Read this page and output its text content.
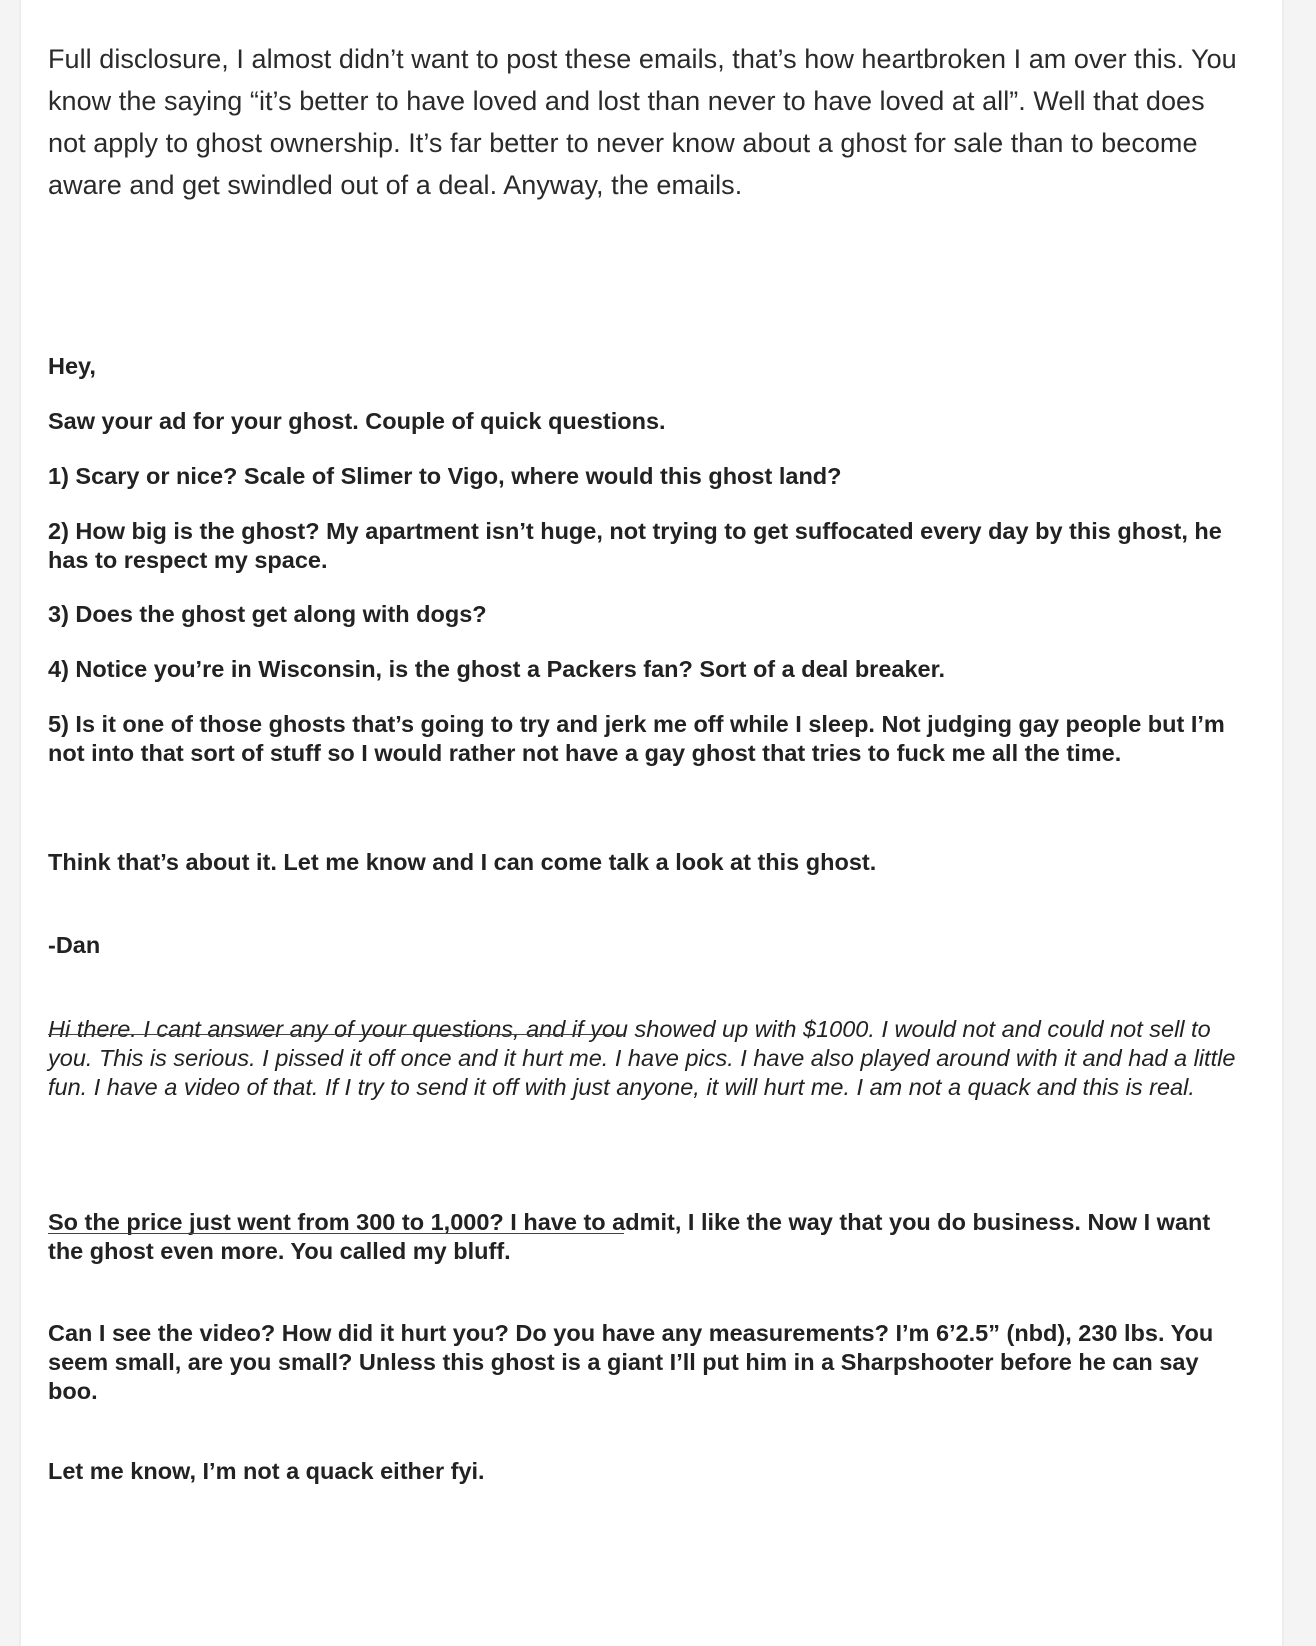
Full disclosure, I almost didn’t want to post these emails, that’s how heartbroken I am over this. You know the saying “it’s better to have loved and lost than never to have loved at all”. Well that does not apply to ghost ownership. It’s far better to never know about a ghost for sale than to become aware and get swindled out of a deal. Anyway, the emails.

Hey,

Saw your ad for your ghost. Couple of quick questions.

1) Scary or nice? Scale of Slimer to Vigo, where would this ghost land?

2) How big is the ghost? My apartment isn’t huge, not trying to get suffocated every day by this ghost, he has to respect my space.

3) Does the ghost get along with dogs?

4) Notice you’re in Wisconsin, is the ghost a Packers fan? Sort of a deal breaker.

5) Is it one of those ghosts that’s going to try and jerk me off while I sleep. Not judging gay people but I’m not into that sort of stuff so I would rather not have a gay ghost that tries to fuck me all the time.

Think that’s about it. Let me know and I can come talk a look at this ghost.

-Dan

Hi there. I cant answer any of your questions, and if you showed up with $1000. I would not and could not sell to you. This is serious. I pissed it off once and it hurt me. I have pics. I have also played around with it and had a little fun. I have a video of that. If I try to send it off with just anyone, it will hurt me. I am not a quack and this is real.

So the price just went from 300 to 1,000? I have to admit, I like the way that you do business. Now I want the ghost even more. You called my bluff.

Can I see the video? How did it hurt you? Do you have any measurements? I’m 6’2.5” (nbd), 230 lbs. You seem small, are you small? Unless this ghost is a giant I’ll put him in a Sharpshooter before he can say boo.

Let me know, I’m not a quack either fyi.
